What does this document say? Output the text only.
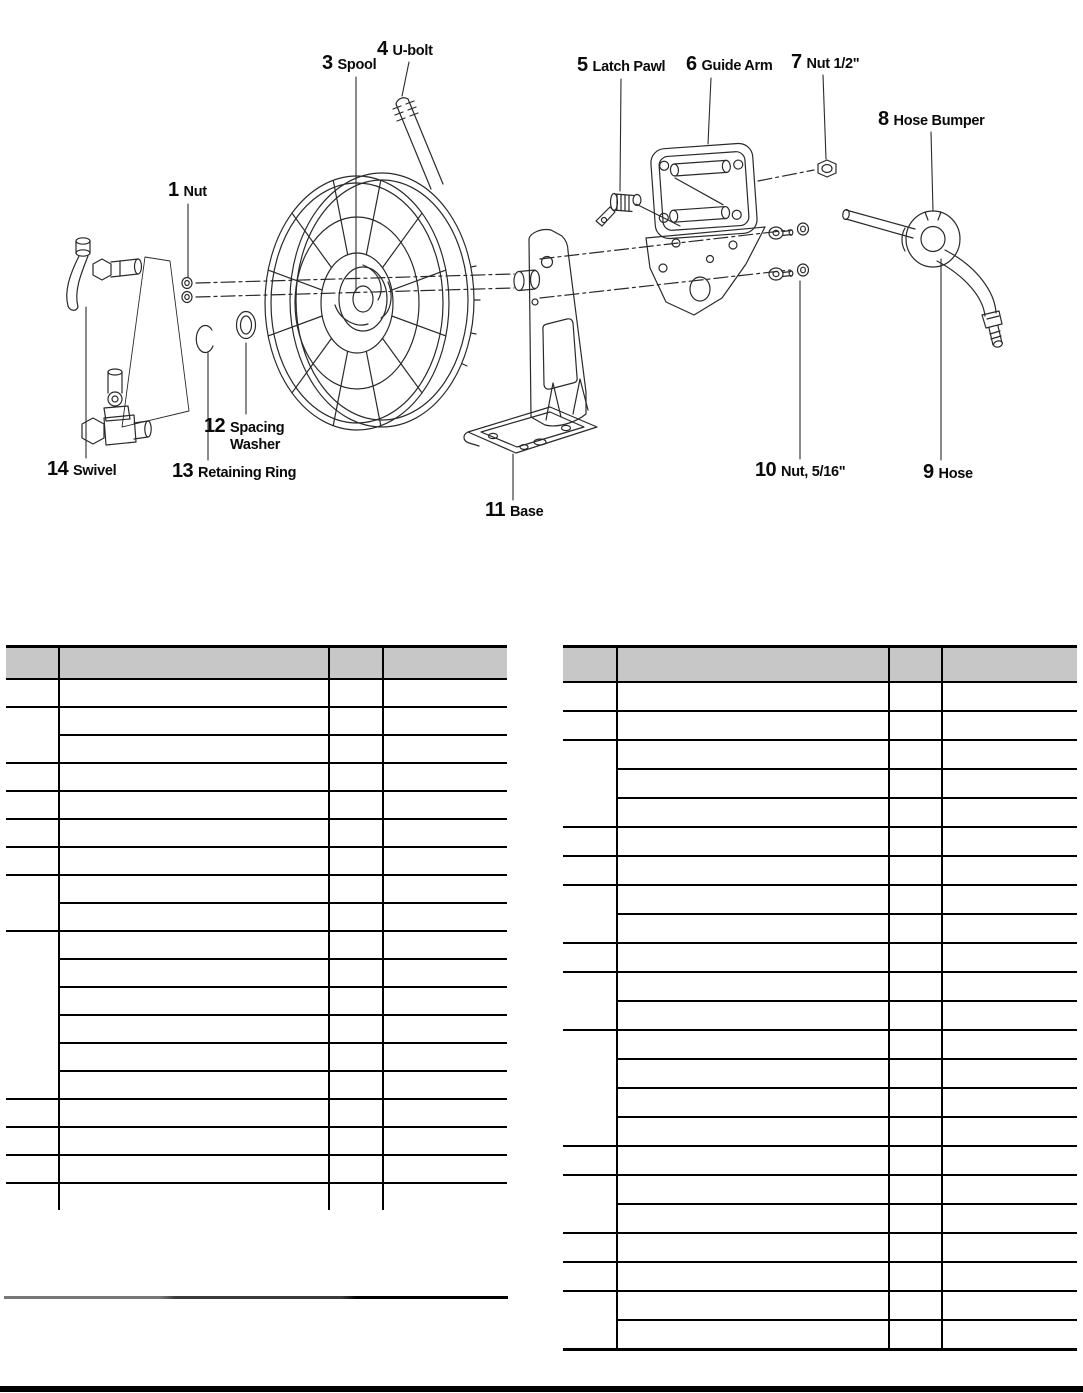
1 Nut
3 Spool
4 U-bolt
5 Latch Pawl 6 Guide Arm 7 Nut 1/2"
8 Hose Bumper
9 Hose
10 Nut, 5/16"
11 Base
12 Spacing Washer
13 Retaining Ring
14 Swivel
